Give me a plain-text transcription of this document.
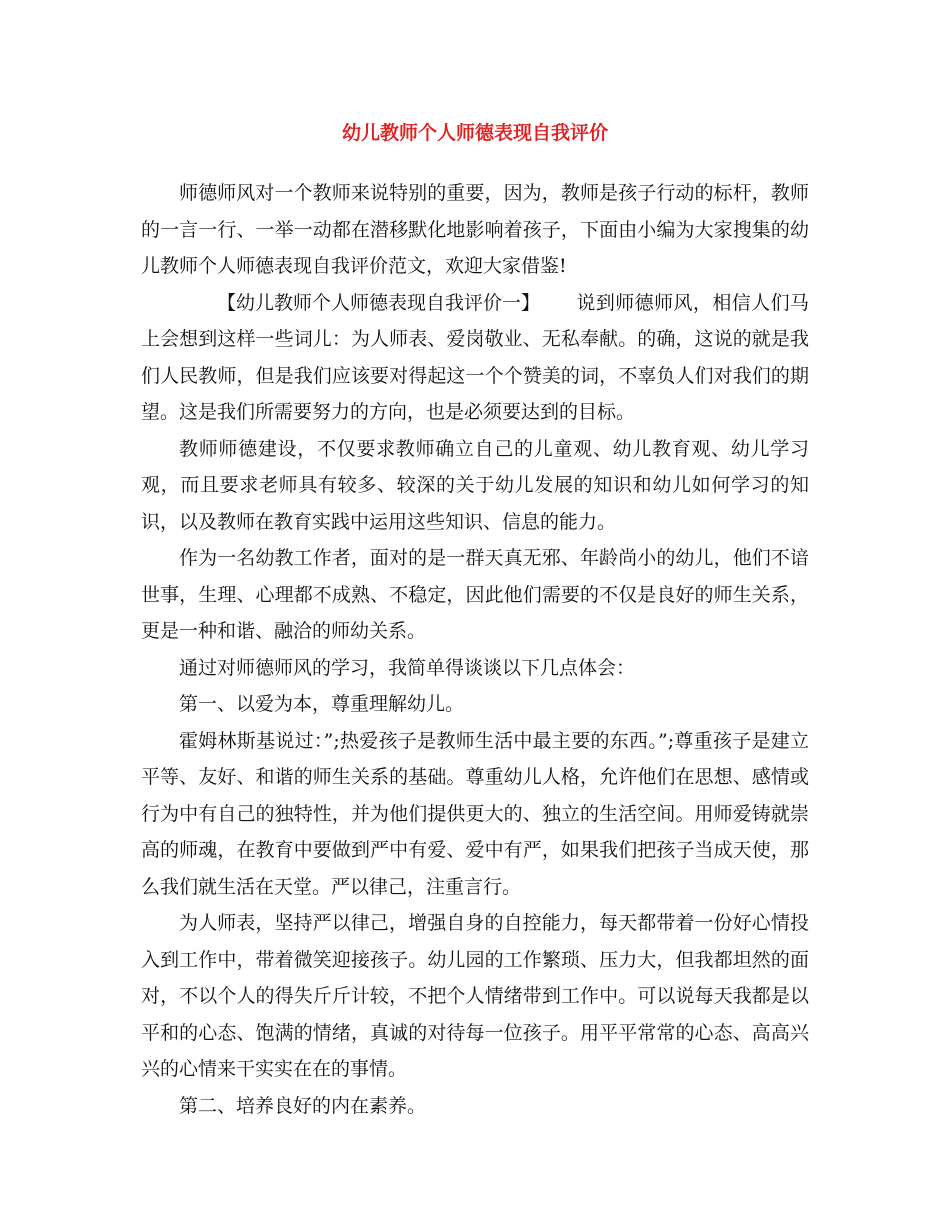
幼儿教师个人师德表现自我评价

师德师风对一个教师来说特别的重要，因为，教师是孩子行动的标杆，教师的一言一行、一举一动都在潜移默化地影响着孩子，下面由小编为大家搜集的幼儿教师个人师德表现自我评价范文，欢迎大家借鉴!

【幼儿教师个人师德表现自我评价一】 说到师德师风，相信人们马上会想到这样一些词儿：为人师表、爱岗敬业、无私奉献。的确，这说的就是我们人民教师，但是我们应该要对得起这一个个赞美的词，不辜负人们对我们的期望。这是我们所需要努力的方向，也是必须要达到的目标。

教师师德建设，不仅要求教师确立自己的儿童观、幼儿教育观、幼儿学习观，而且要求老师具有较多、较深的关于幼儿发展的知识和幼儿如何学习的知识，以及教师在教育实践中运用这些知识、信息的能力。

作为一名幼教工作者，面对的是一群天真无邪、年龄尚小的幼儿，他们不谙世事，生理、心理都不成熟、不稳定，因此他们需要的不仅是良好的师生关系，更是一种和谐、融洽的师幼关系。

通过对师德师风的学习，我简单得谈谈以下几点体会：

第一、以爱为本，尊重理解幼儿。

霍姆林斯基说过：”;热爱孩子是教师生活中最主要的东西。”;尊重孩子是建立平等、友好、和谐的师生关系的基础。尊重幼儿人格，允许他们在思想、感情或行为中有自己的独特性，并为他们提供更大的、独立的生活空间。用师爱铸就崇高的师魂，在教育中要做到严中有爱、爱中有严，如果我们把孩子当成天使，那么我们就生活在天堂。严以律己，注重言行。

为人师表，坚持严以律己，增强自身的自控能力，每天都带着一份好心情投入到工作中，带着微笑迎接孩子。幼儿园的工作繁琐、压力大，但我都坦然的面对，不以个人的得失斤斤计较，不把个人情绪带到工作中。可以说每天我都是以平和的心态、饱满的情绪，真诚的对待每一位孩子。用平平常常的心态、高高兴兴的心情来干实实在在的事情。

第二、培养良好的内在素养。
